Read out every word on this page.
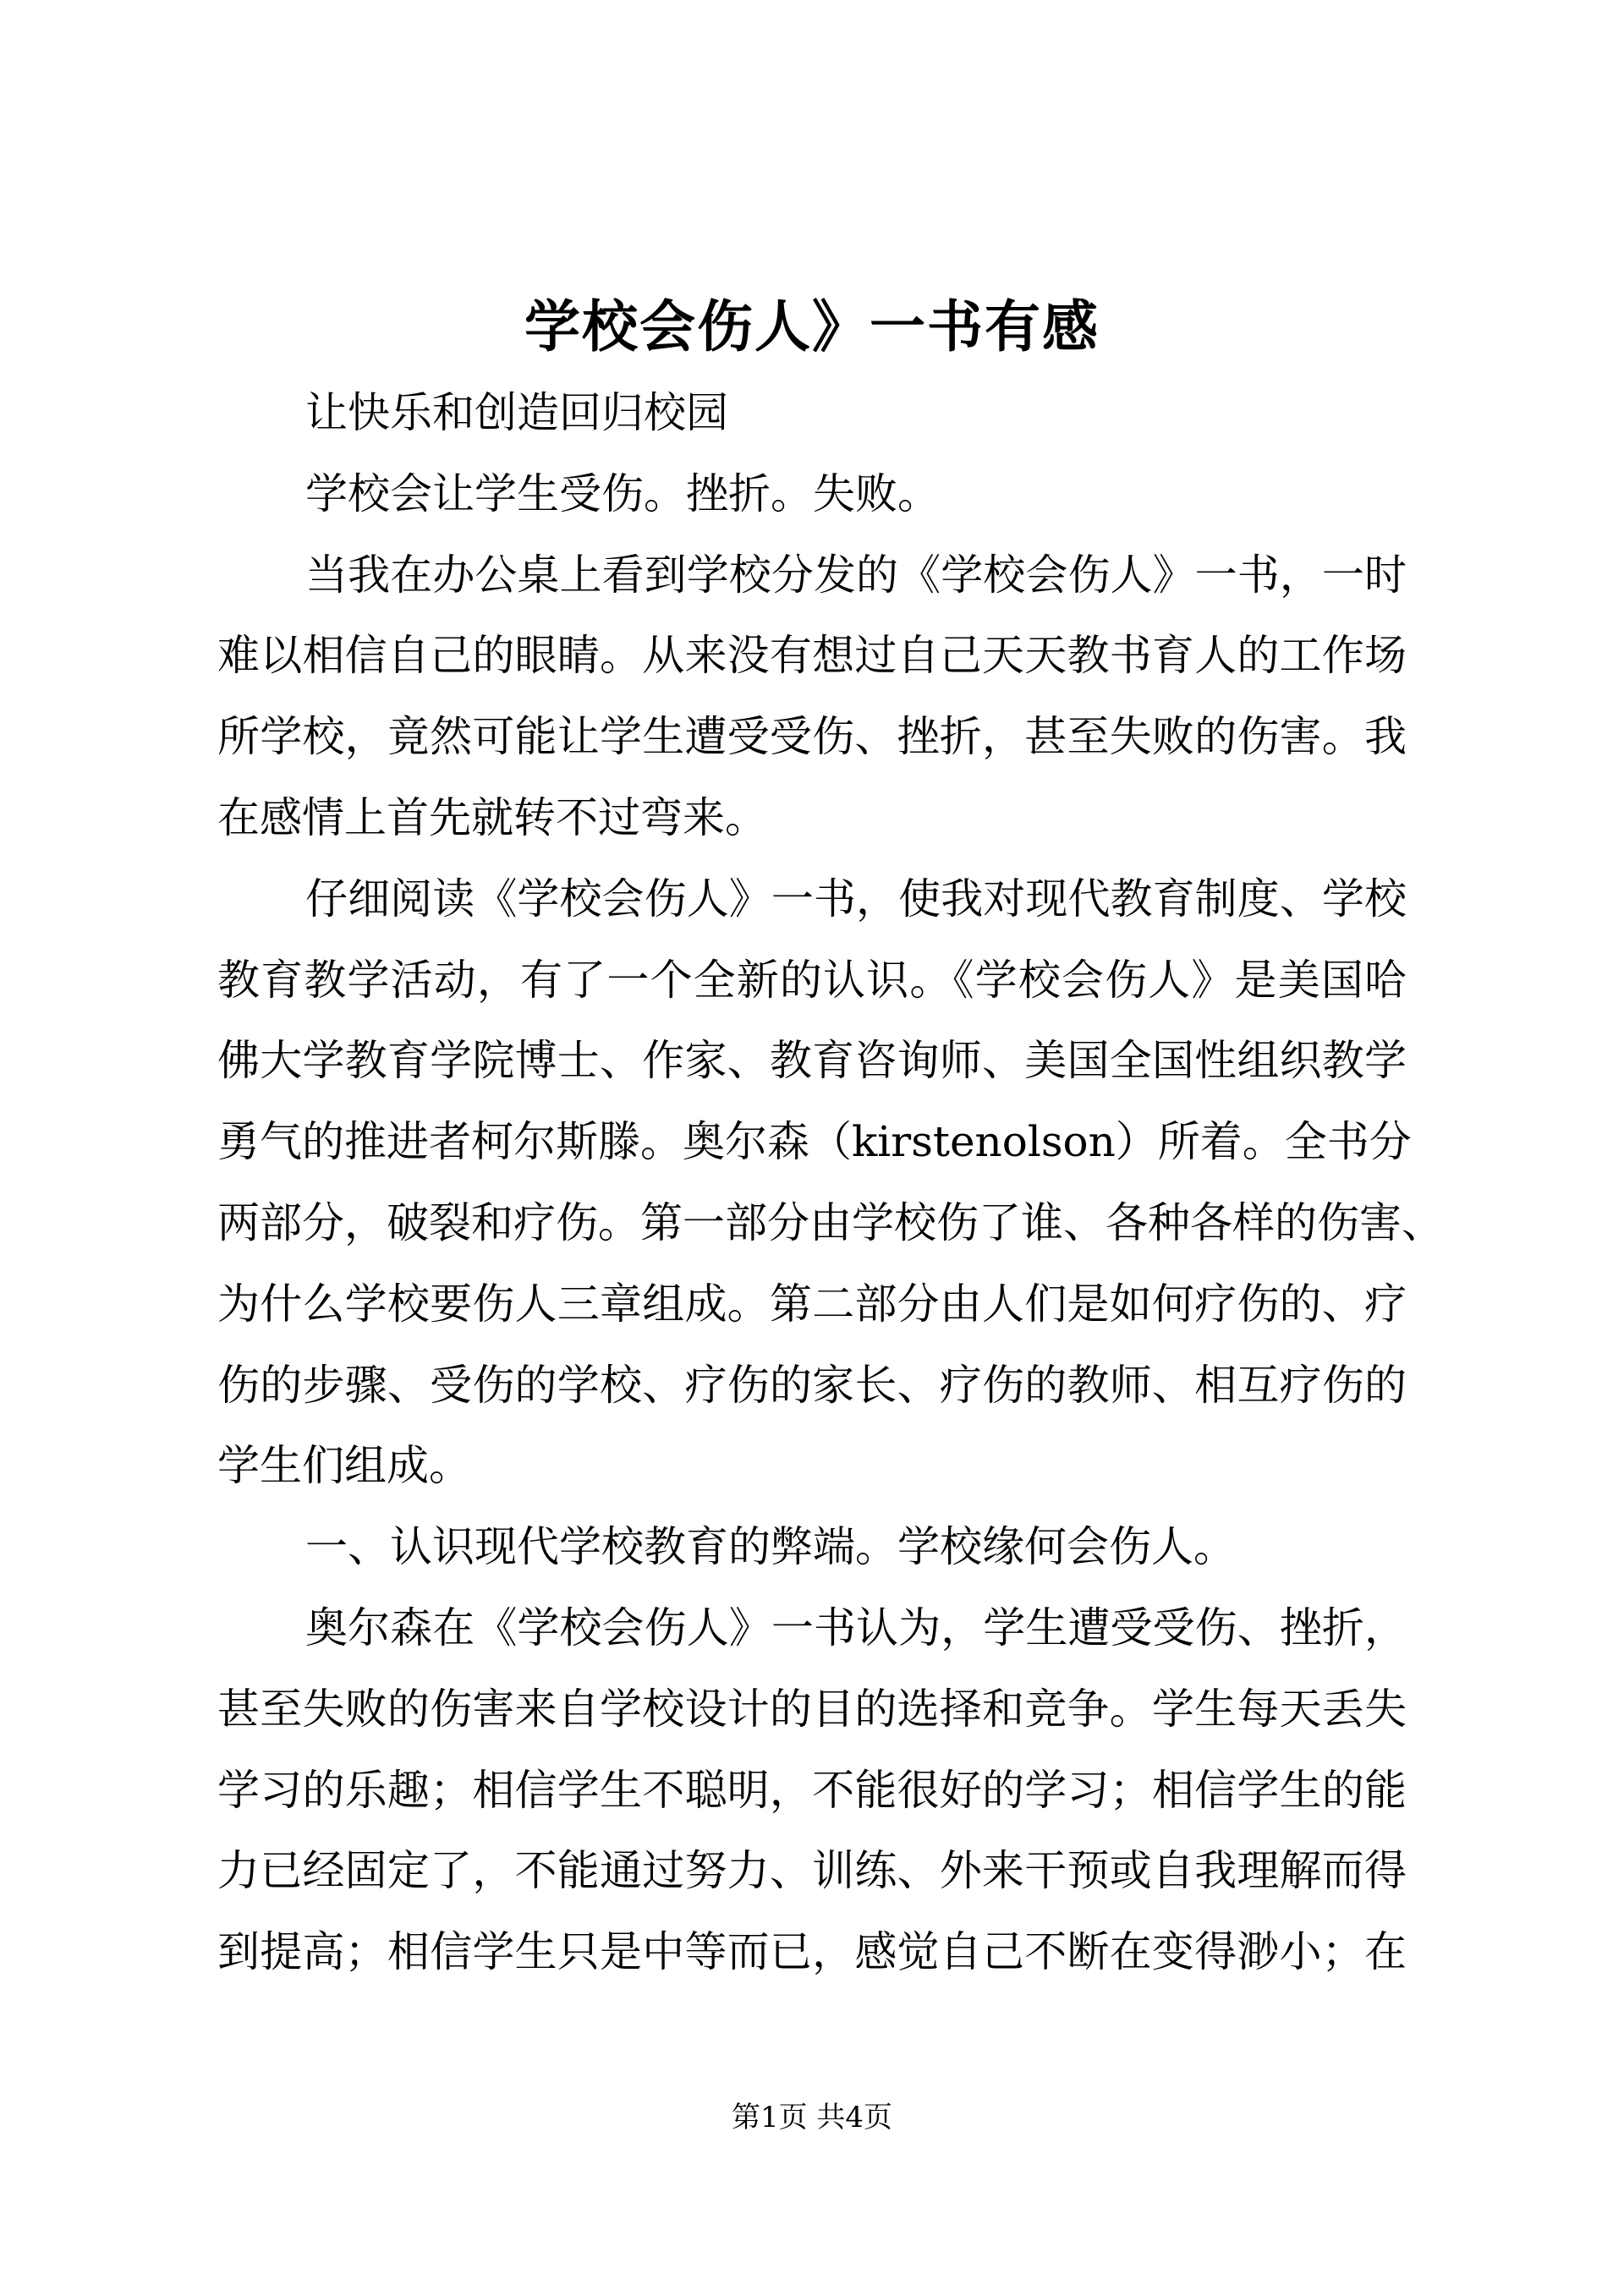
学校会伤人》一书有感
让快乐和创造回归校园
学校会让学生受伤。挫折。失败。
当我在办公桌上看到学校分发的《学校会伤人》一书，一时
难以相信自己的眼睛。从来没有想过自己天天教书育人的工作场
所学校，竟然可能让学生遭受受伤、挫折，甚至失败的伤害。我
在感情上首先就转不过弯来。
仔细阅读《学校会伤人》一书，使我对现代教育制度、学校
教育教学活动，有了一个全新的认识。《学校会伤人》是美国哈
佛大学教育学院博士、作家、教育咨询师、美国全国性组织教学
勇气的推进者柯尔斯滕。奥尔森（kirstenolson）所着。全书分
两部分，破裂和疗伤。第一部分由学校伤了谁、各种各样的伤害、
为什么学校要伤人三章组成。第二部分由人们是如何疗伤的、疗
伤的步骤、受伤的学校、疗伤的家长、疗伤的教师、相互疗伤的
学生们组成。
一、认识现代学校教育的弊端。学校缘何会伤人。
奥尔森在《学校会伤人》一书认为，学生遭受受伤、挫折，
甚至失败的伤害来自学校设计的目的选择和竞争。学生每天丢失
学习的乐趣；相信学生不聪明，不能很好的学习；相信学生的能
力已经固定了，不能通过努力、训练、外来干预或自我理解而得
到提高；相信学生只是中等而已，感觉自己不断在变得渺小；在
第1页 共4页
